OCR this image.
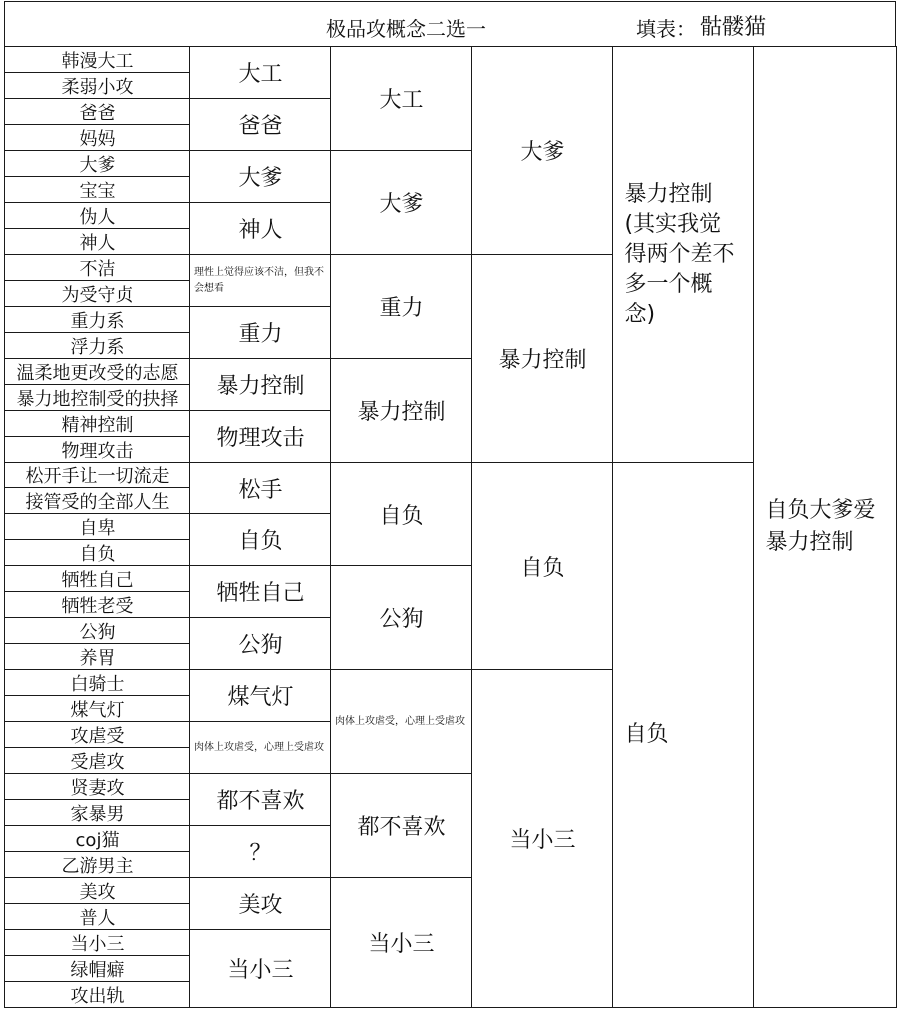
极品攻概念二选一	填表： 骷髅猫
韩漫大工
柔弱小攻
爸爸
妈妈
大爹
宝宝
伪人
神人
不洁
为受守贞
重力系
浮力系
温柔地更改受的志愿
暴力地控制受的抉择
精神控制
物理攻击
松开手让一切流走
接管受的全部人生
自卑
自负
牺牲自己
牺牲老受
公狗
养胃
白骑士
煤气灯
攻虐受
受虐攻
贤妻攻
家暴男
coj猫
乙游男主
美攻
普人
当小三
绿帽癖
攻出轨
大工
爸爸
大爹
神人
理性上觉得应该不洁，但我不会想看
重力
暴力控制
物理攻击
松手
自负
牺牲自己
公狗
煤气灯
肉体上攻虐受，心理上受虐攻
都不喜欢
？
美攻
当小三
大工
大爹
重力
暴力控制
自负
公狗
肉体上攻虐受，心理上受虐攻
都不喜欢
当小三
大爹
暴力控制
自负
当小三
暴力控制(其实我觉得两个差不多一个概念)
自负
自负大爹爱暴力控制
